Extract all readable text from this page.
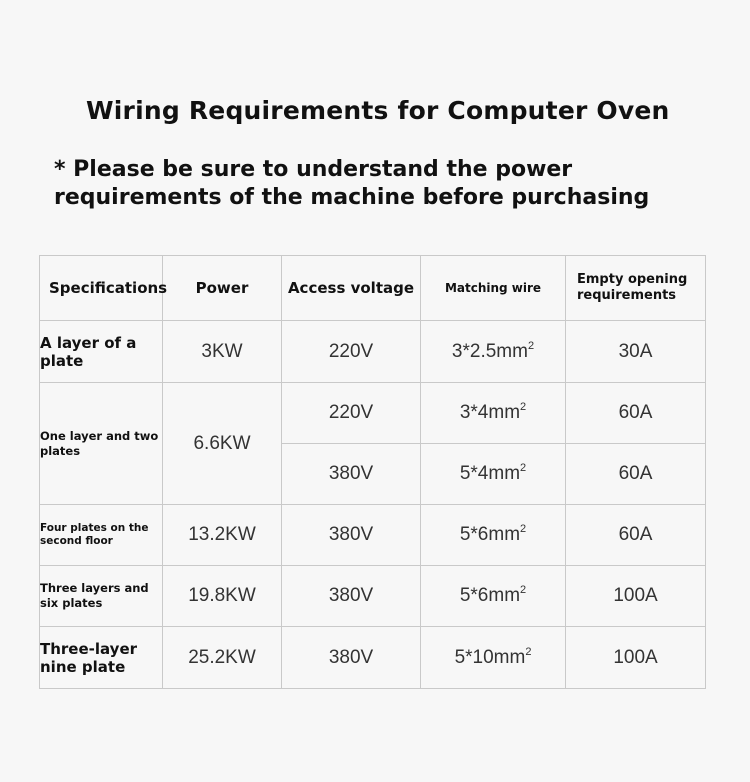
Wiring Requirements for Computer Oven
* Please be sure to understand the power requirements of the machine before purchasing
Specifications	Power	Access voltage	Matching wire	Empty opening requirements
A layer of a plate	3KW	220V	$3*2.5mm^2$	30A
One layer and two plates	6.6KW	220V	$3*4mm^2$	60A
		380V	$5*4mm^2$	60A
Four plates on the second floor	13.2KW	380V	$5*6mm^2$	60A
Three layers and six plates	19.8KW	380V	$5*6mm^2$	100A
Three-layer nine plate	25.2KW	380V	$5*10mm^2$	100A
